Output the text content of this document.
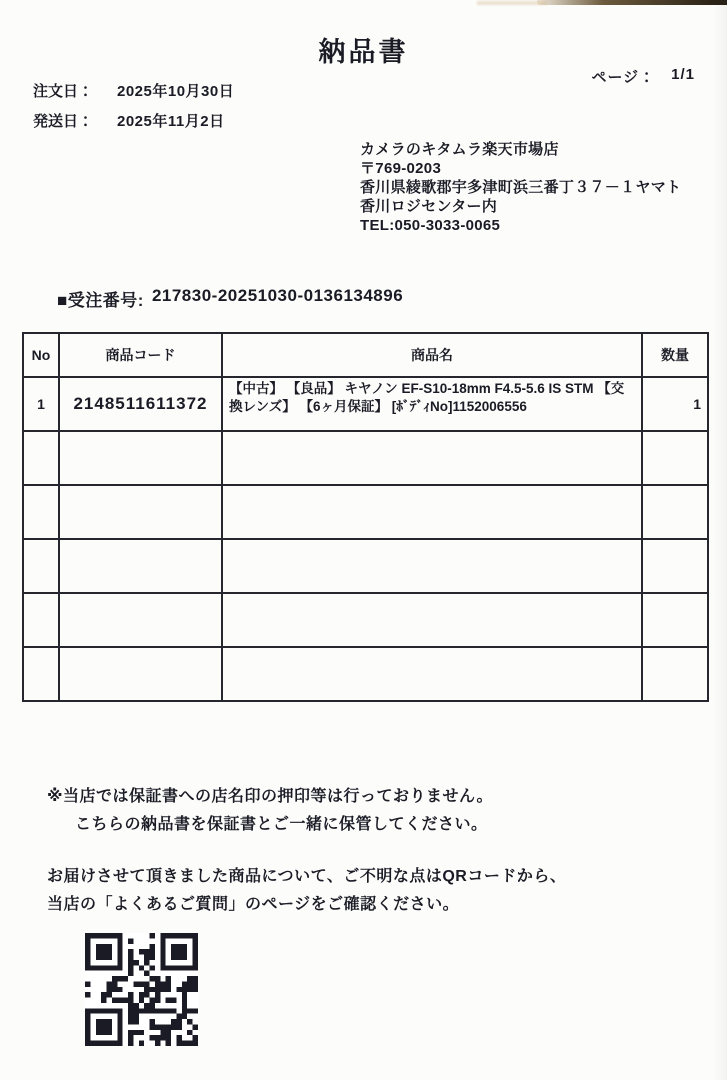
納品書
ページ： 1/1
注文日： 2025年10月30日
発送日： 2025年11月2日
カメラのキタムラ楽天市場店
〒769-0203
香川県綾歌郡宇多津町浜三番丁３７－１ヤマト
香川ロジセンター内
TEL:050-3033-0065
■受注番号: 217830-20251030-0136134896
No	商品コード	商品名	数量
1	2148511611372	【中古】 【良品】 キヤノン EF-S10-18mm F4.5-5.6 IS STM 【交換レンズ】 【6ヶ月保証】 [ﾎﾞﾃﾞｨNo]1152006556	1

※当店では保証書への店名印の押印等は行っておりません。
こちらの納品書を保証書とご一緒に保管してください。
お届けさせて頂きました商品について、ご不明な点はQRコードから、
当店の「よくあるご質問」のページをご確認ください。
